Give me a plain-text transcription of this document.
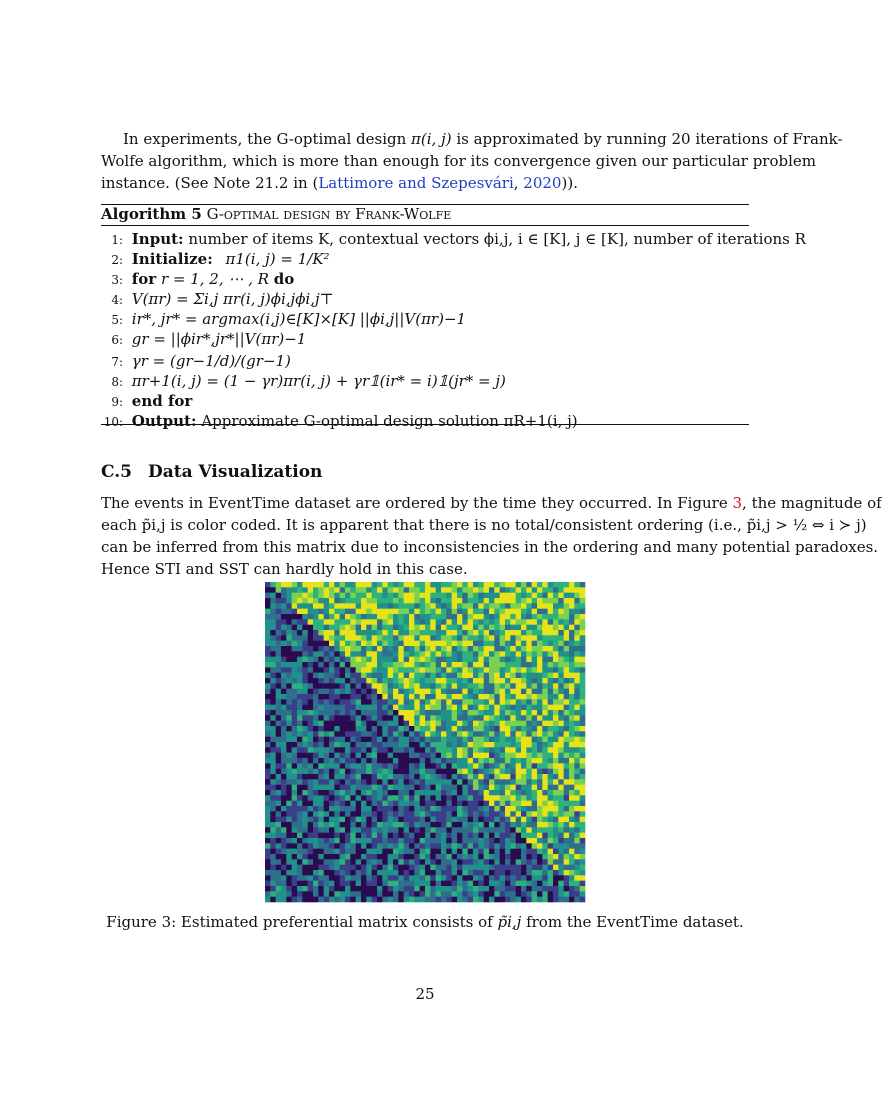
In experiments, the G-optimal design π(i, j) is approximated by running 20 iterations of Frank-
Wolfe algorithm, which is more than enough for its convergence given our particular problem
instance. (See Note 21.2 in (Lattimore and Szepesvári, 2020)).
Algorithm 5 G-optimal design by Frank-Wolfe
1: Input: number of items K, contextual vectors ϕi,j, i ∈ [K], j ∈ [K], number of iterations R
2: Initialize: π1(i, j) = 1/K²
3: for r = 1, 2, ⋯ , R do
4: V(πr) = Σi,j πr(i, j)ϕi,jϕi,j⊤
5: ir*, jr* = argmax(i,j)∈[K]×[K] ||ϕi,j||V(πr)−1
6: gr = ||ϕir*,jr*||V(πr)−1
7: γr = (gr−1/d)/(gr−1)
8: πr+1(i, j) = (1 − γr)πr(i, j) + γr𝟙(ir* = i)𝟙(jr* = j)
9: end for
10: Output: Approximate G-optimal design solution πR+1(i, j)
C.5 Data Visualization
The events in EventTime dataset are ordered by the time they occurred. In Figure 3, the magnitude of
each p̃i,j is color coded. It is apparent that there is no total/consistent ordering (i.e., p̃i,j > ½ ⇔ i ≻ j)
can be inferred from this matrix due to inconsistencies in the ordering and many potential paradoxes.
Hence STI and SST can hardly hold in this case.
Figure 3: Estimated preferential matrix consists of p̃i,j from the EventTime dataset.
25
